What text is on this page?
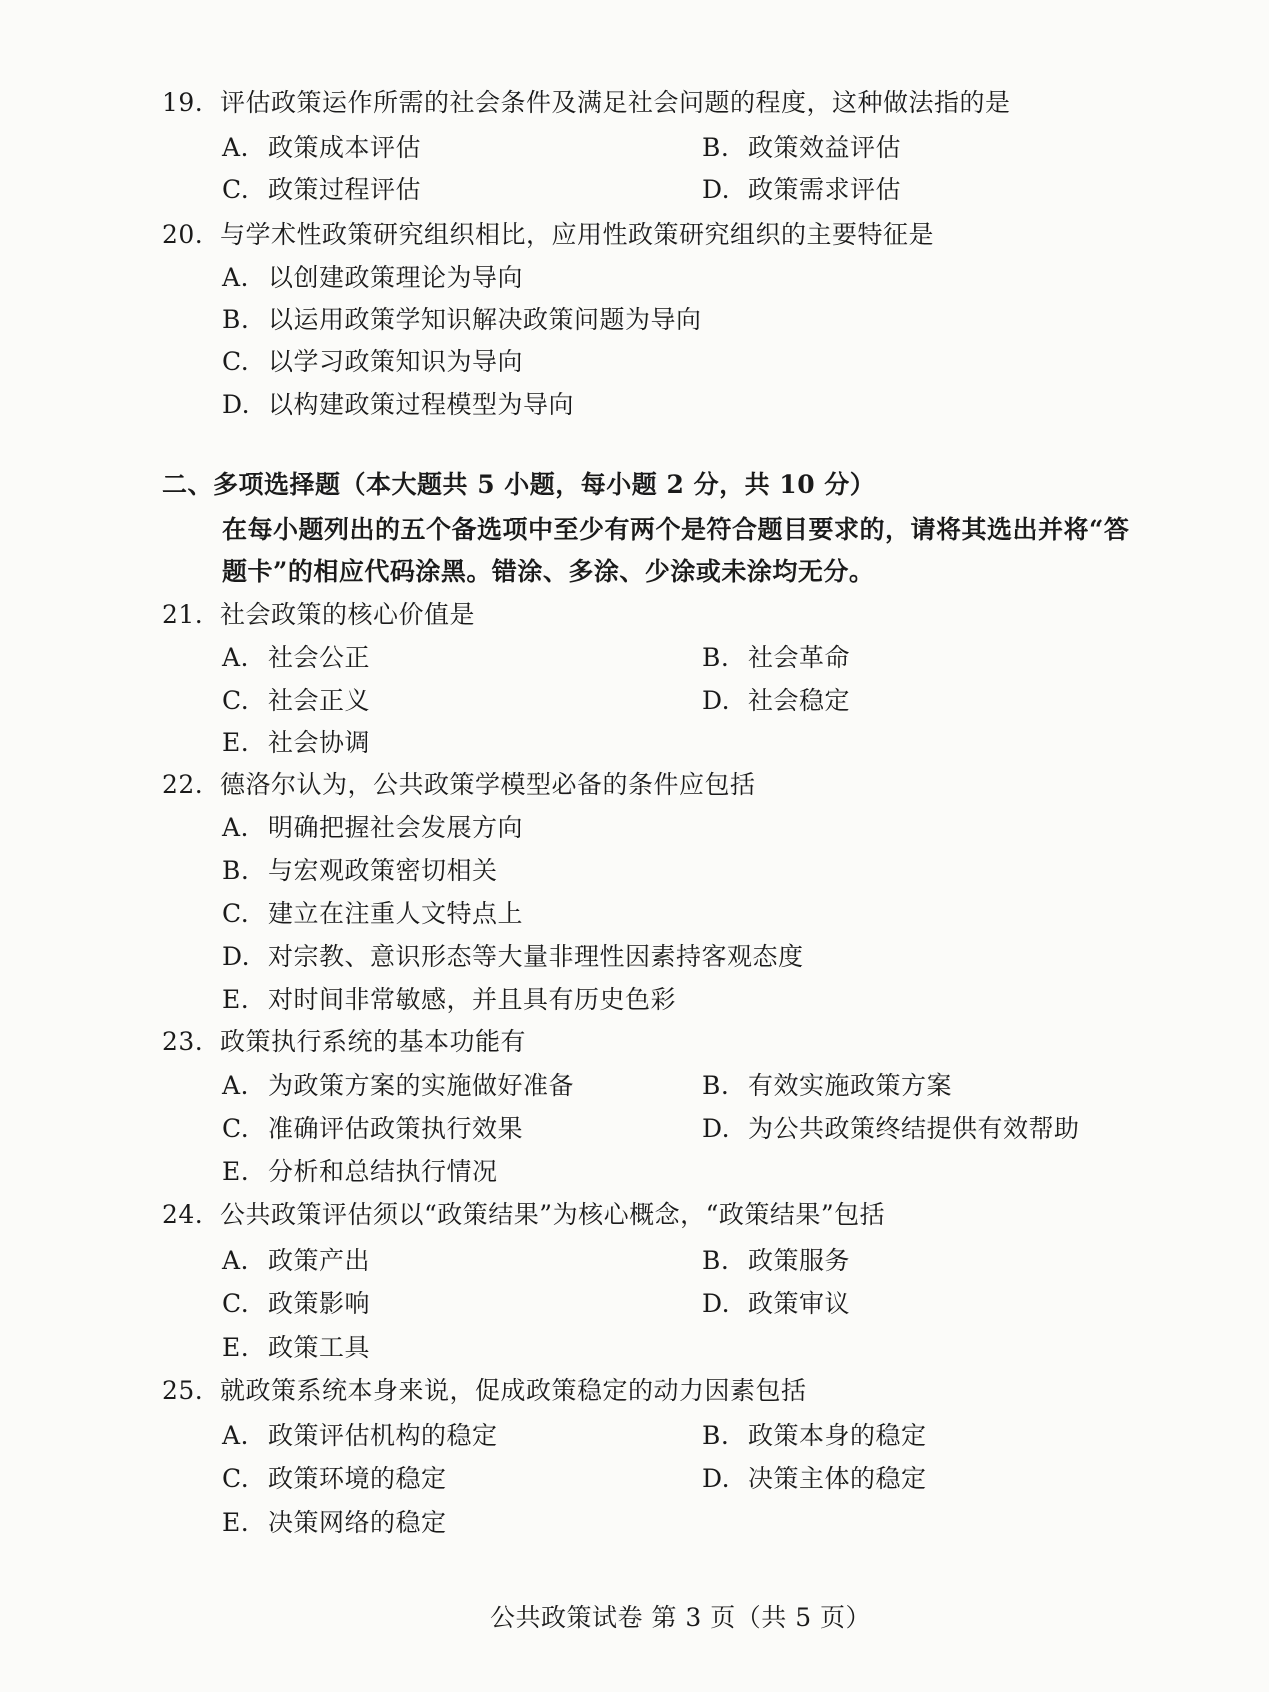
19. 评估政策运作所需的社会条件及满足社会问题的程度，这种做法指的是
A. 政策成本评估	B. 政策效益评估
C. 政策过程评估	D. 政策需求评估
20. 与学术性政策研究组织相比，应用性政策研究组织的主要特征是
A. 以创建政策理论为导向
B. 以运用政策学知识解决政策问题为导向
C. 以学习政策知识为导向
D. 以构建政策过程模型为导向
二、多项选择题（本大题共 5 小题，每小题 2 分，共 10 分）
在每小题列出的五个备选项中至少有两个是符合题目要求的，请将其选出并将“答
题卡”的相应代码涂黑。错涂、多涂、少涂或未涂均无分。
21. 社会政策的核心价值是
A. 社会公正	B. 社会革命
C. 社会正义	D. 社会稳定
E. 社会协调
22. 德洛尔认为，公共政策学模型必备的条件应包括
A. 明确把握社会发展方向
B. 与宏观政策密切相关
C. 建立在注重人文特点上
D. 对宗教、意识形态等大量非理性因素持客观态度
E. 对时间非常敏感，并且具有历史色彩
23. 政策执行系统的基本功能有
A. 为政策方案的实施做好准备	B. 有效实施政策方案
C. 准确评估政策执行效果	D. 为公共政策终结提供有效帮助
E. 分析和总结执行情况
24. 公共政策评估须以“政策结果”为核心概念，“政策结果”包括
A. 政策产出	B. 政策服务
C. 政策影响	D. 政策审议
E. 政策工具
25. 就政策系统本身来说，促成政策稳定的动力因素包括
A. 政策评估机构的稳定	B. 政策本身的稳定
C. 政策环境的稳定	D. 决策主体的稳定
E. 决策网络的稳定
公共政策试卷 第 3 页（共 5 页）
